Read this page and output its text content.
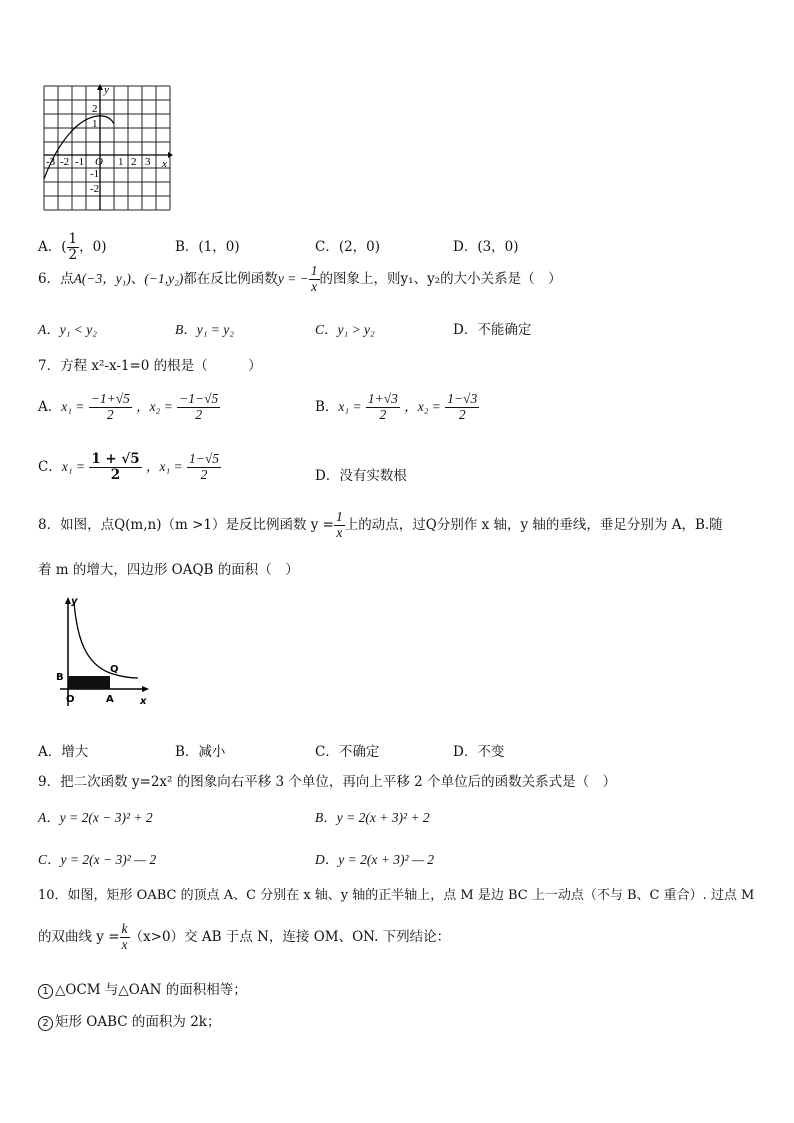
y
x
O
-3 -2 -1	1 2 3
2
1
-1
-2
A．( $\frac{1}{2}$ ，0)	B．(1，0)	C．(2，0)	D．(3，0)
6．点A(−3，y₁)、(−1,y₂)都在反比例函数y = − $\frac{1}{x}$ 的图象上，则y₁、y₂的大小关系是（　）
A．y₁ < y₂	B．y₁ = y₂	C．y₁ > y₂	D．不能确定
7．方程 x²-x-1=0 的根是（　　　）
A．$x_1 = \frac{-1+√5}{2}$ ，$x_2 = \frac{-1-√5}{2}$	B．$x_1 = \frac{1+√3}{2}$ ，$x_2 = \frac{1-√3}{2}$
C．$x_1 = \frac{1 + √5}{2}$ ，$x_1 = \frac{1-√5}{2}$	D．没有实数根
8．如图，点Q(m,n)（m >1）是反比例函数 $y = \frac{1}{x}$ 上的动点，过Q分别作 x 轴，y 轴的垂线，垂足分别为 A，B.随
着 m 的增大，四边形 OAQB 的面积（　）
y
x
B
O	A
Q
A．增大	B．减小	C．不确定	D．不变
9．把二次函数 y=2x² 的图象向右平移 3 个单位，再向上平移 2 个单位后的函数关系式是（　）
A．y = 2(x − 3)² + 2	B．y = 2(x + 3)² + 2
C．y = 2(x − 3)² — 2	D．y = 2(x + 3)² — 2
10．如图，矩形 OABC 的顶点 A、C 分别在 x 轴、y 轴的正半轴上，点 M 是边 BC 上一动点（不与 B、C 重合）. 过点 M
的双曲线 $y = \frac{k}{x} (x>0)$交 AB 于点 N，连接 OM、ON. 下列结论：
1 △OCM 与△OAN 的面积相等；
2 矩形 OABC 的面积为 2k；
